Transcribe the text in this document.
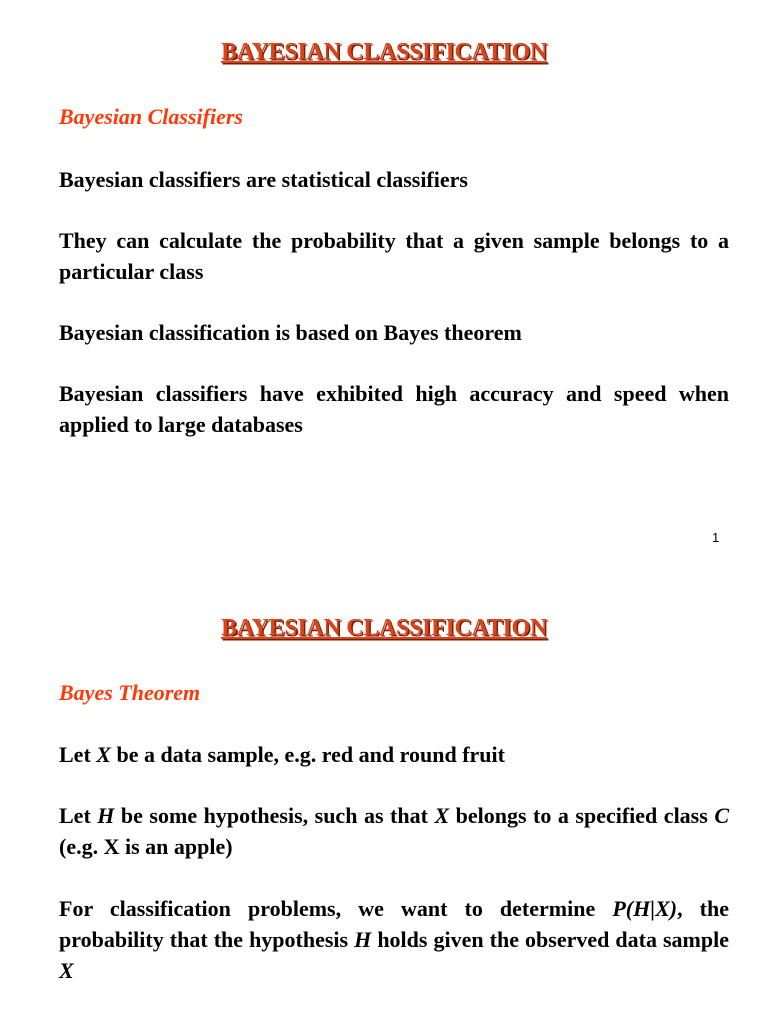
BAYESIAN CLASSIFICATION
Bayesian Classifiers

Bayesian classifiers are statistical classifiers

They can calculate the probability that a given sample belongs to a particular class

Bayesian classification is based on Bayes theorem

Bayesian classifiers have exhibited high accuracy and speed when applied to large databases

1

BAYESIAN CLASSIFICATION
Bayes Theorem

Let X be a data sample, e.g. red and round fruit

Let H be some hypothesis, such as that X belongs to a specified class C (e.g. X is an apple)

For classification problems, we want to determine P(H|X), the probability that the hypothesis H holds given the observed data sample X
